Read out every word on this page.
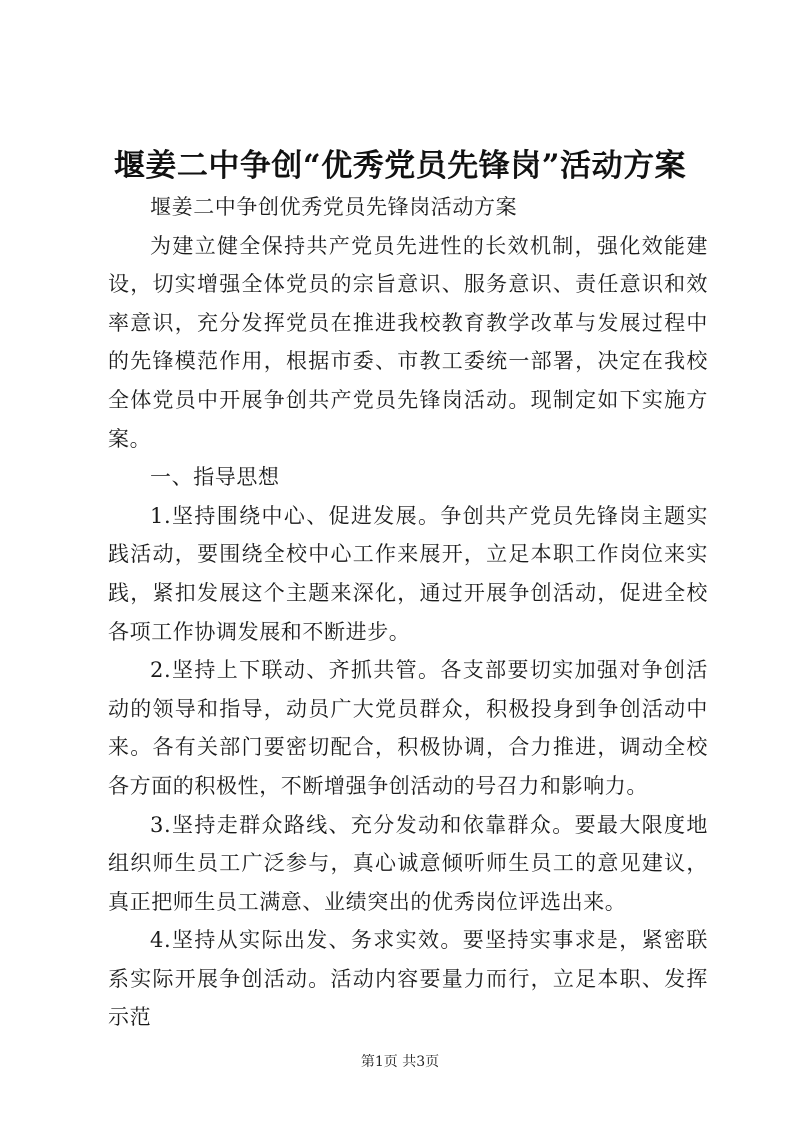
堰姜二中争创“优秀党员先锋岗”活动方案

堰姜二中争创优秀党员先锋岗活动方案

为建立健全保持共产党员先进性的长效机制，强化效能建设，切实增强全体党员的宗旨意识、服务意识、责任意识和效率意识，充分发挥党员在推进我校教育教学改革与发展过程中的先锋模范作用，根据市委、市教工委统一部署，决定在我校全体党员中开展争创共产党员先锋岗活动。现制定如下实施方案。

一、指导思想

1.坚持围绕中心、促进发展。争创共产党员先锋岗主题实践活动，要围绕全校中心工作来展开，立足本职工作岗位来实践，紧扣发展这个主题来深化，通过开展争创活动，促进全校各项工作协调发展和不断进步。

2.坚持上下联动、齐抓共管。各支部要切实加强对争创活动的领导和指导，动员广大党员群众，积极投身到争创活动中来。各有关部门要密切配合，积极协调，合力推进，调动全校各方面的积极性，不断增强争创活动的号召力和影响力。

3.坚持走群众路线、充分发动和依靠群众。要最大限度地组织师生员工广泛参与，真心诚意倾听师生员工的意见建议，真正把师生员工满意、业绩突出的优秀岗位评选出来。

4.坚持从实际出发、务求实效。要坚持实事求是，紧密联系实际开展争创活动。活动内容要量力而行，立足本职、发挥示范

第1页 共3页
